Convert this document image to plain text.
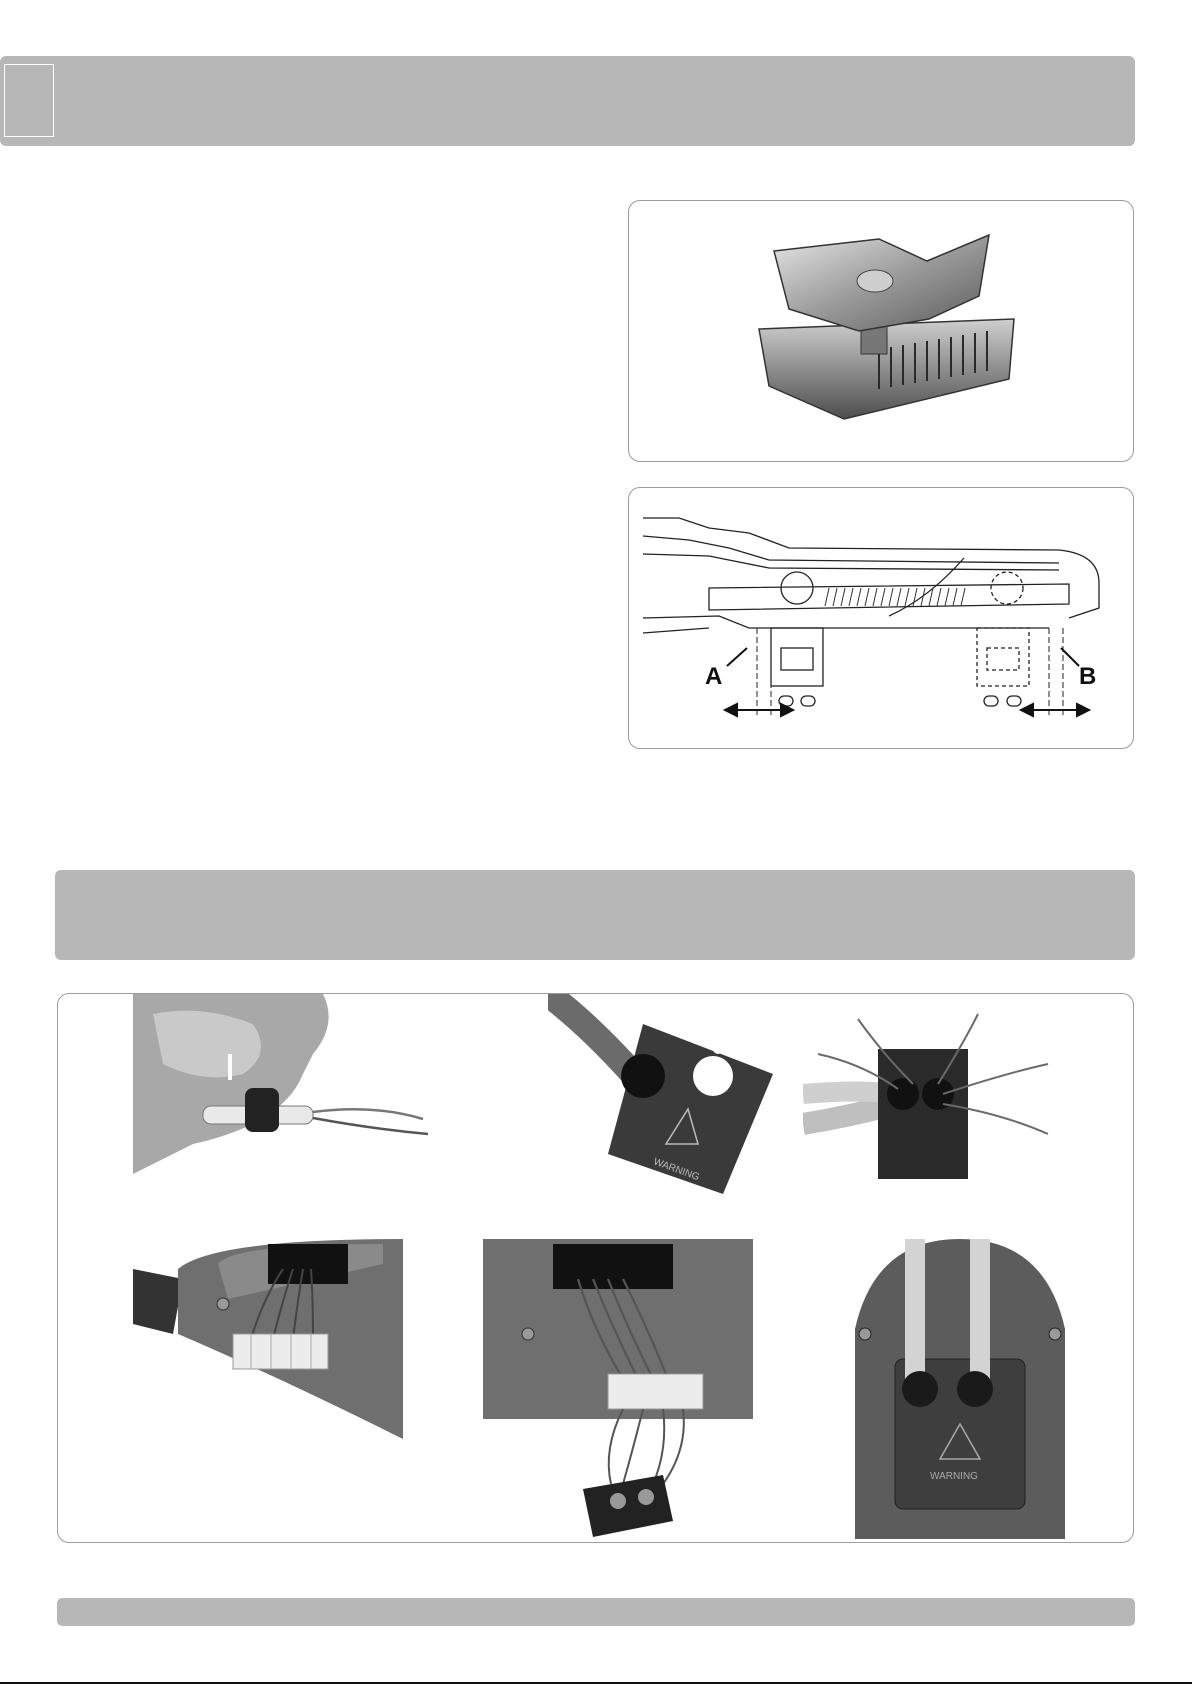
A	B
WARNING
WARNING
